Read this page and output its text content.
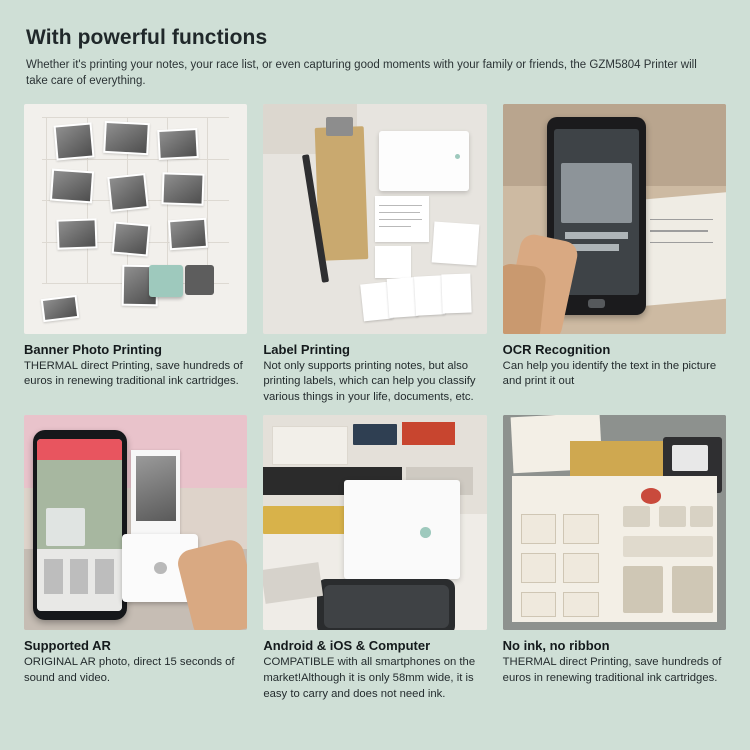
With powerful functions

Whether it's printing your notes, your race list, or even capturing good moments with your family or friends, the GZM5804 Printer will take care of everything.

Banner Photo Printing

THERMAL direct Printing, save hundreds of euros in renewing traditional ink cartridges.

Label Printing

Not only supports printing notes, but also printing labels, which can help you classify various things in your life, documents, etc.

OCR Recognition

Can help you identify the text in the picture and print it out

Supported AR

ORIGINAL AR photo, direct 15 seconds of sound and video.

Android & iOS & Computer

COMPATIBLE with all smartphones on the market!Although it is only 58mm wide, it is easy to carry and does not need ink.

No ink, no ribbon

THERMAL direct Printing, save hundreds of euros in renewing traditional ink cartridges.
